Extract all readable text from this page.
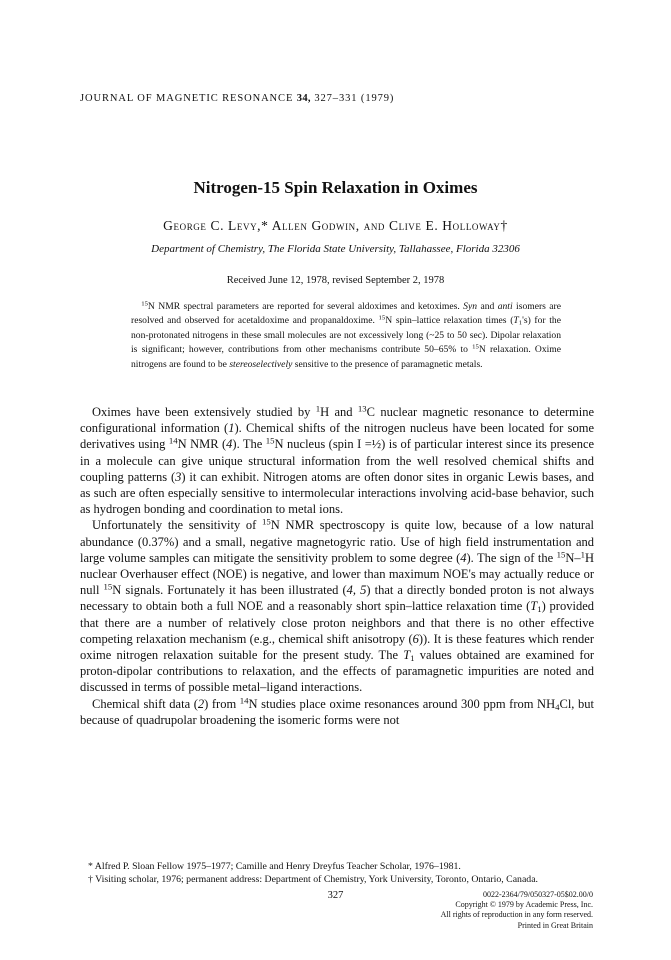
JOURNAL OF MAGNETIC RESONANCE 34, 327–331 (1979)
Nitrogen-15 Spin Relaxation in Oximes
George C. Levy,* Allen Godwin, and Clive E. Holloway†
Department of Chemistry, The Florida State University, Tallahassee, Florida 32306
Received June 12, 1978, revised September 2, 1978
$^{15}$N NMR spectral parameters are reported for several aldoximes and ketoximes. Syn and anti isomers are resolved and observed for acetaldoxime and propanaldoxime. $^{15}$N spin–lattice relaxation times $(T_1's)$ for the non-protonated nitrogens in these small molecules are not excessively long (~25 to 50 sec). Dipolar relaxation is significant; however, contributions from other mechanisms contribute 50–65% to $^{15}$N relaxation. Oxime nitrogens are found to be stereoselectively sensitive to the presence of paramagnetic metals.

Oximes have been extensively studied by $^1$H and $^{13}$C nuclear magnetic resonance to determine configurational information (1). Chemical shifts of the nitrogen nucleus have been located for some derivatives using $^{14}$N NMR (4). The $^{15}$N nucleus (spin I =½) is of particular interest since its presence in a molecule can give unique structural information from the well resolved chemical shifts and coupling patterns (3) it can exhibit. Nitrogen atoms are often donor sites in organic Lewis bases, and as such are often especially sensitive to intermolecular interactions involving acid-base behavior, such as hydrogen bonding and coordination to metal ions.

Unfortunately the sensitivity of $^{15}$N NMR spectroscopy is quite low, because of a low natural abundance (0.37%) and a small, negative magnetogyric ratio. Use of high field instrumentation and large volume samples can mitigate the sensitivity problem to some degree (4). The sign of the $^{15}$N–$^1$H nuclear Overhauser effect (NOE) is negative, and lower than maximum NOE's may actually reduce or null $^{15}$N signals. Fortunately it has been illustrated (4, 5) that a directly bonded proton is not always necessary to obtain both a full NOE and a reasonably short spin–lattice relaxation time $(T_1)$ provided that there are a number of relatively close proton neighbors and that there is no other effective competing relaxation mechanism (e.g., chemical shift anisotropy (6)). It is these features which render oxime nitrogen relaxation suitable for the present study. The $T_1$ values obtained are examined for proton-dipolar contributions to relaxation, and the effects of paramagnetic impurities are noted and discussed in terms of possible metal–ligand interactions.

Chemical shift data (2) from $^{14}$N studies place oxime resonances around 300 ppm from $NH_4Cl$, but because of quadrupolar broadening the isomeric forms were not

* Alfred P. Sloan Fellow 1975–1977; Camille and Henry Dreyfus Teacher Scholar, 1976–1981.

† Visiting scholar, 1976; permanent address: Department of Chemistry, York University, Toronto, Ontario, Canada.

327	0022-2364/79/050327-05$02.00/0
Copyright © 1979 by Academic Press, Inc.
All rights of reproduction in any form reserved.
Printed in Great Britain
